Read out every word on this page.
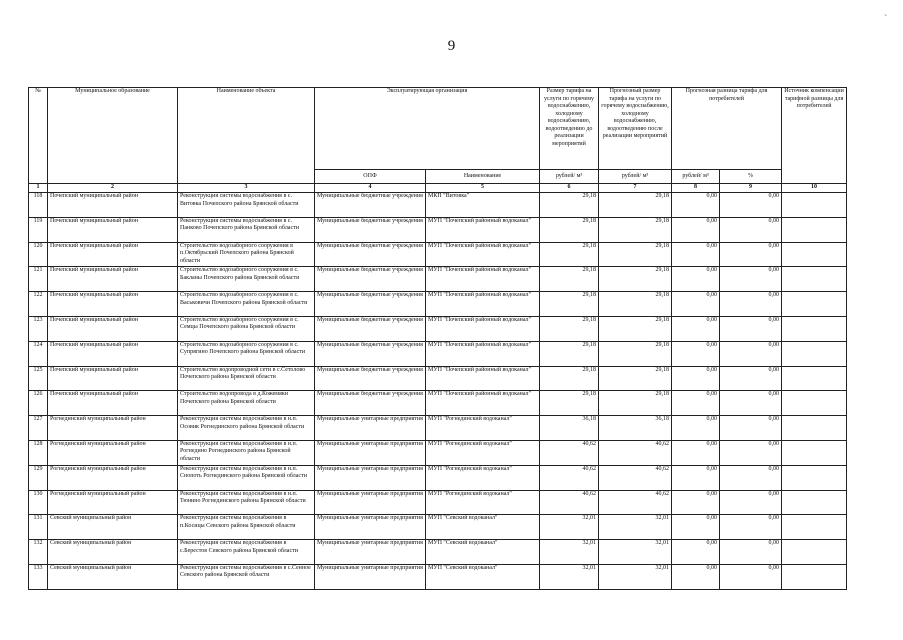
9
`
№	Муниципальное образование	Наименование объекта	Эксплуатирующая организация		Размер тарифа на услуги по горячему водоснабжению, холодному водоснабжению, водоотведению до реализации мероприятий	Прогнозный размер тарифа на услуги по горячему водоснабжению, холодному водоснабжению, водоотведению после реализации мероприятий	Прогнозная разница тарифа для потребителей		Источник компенсации тарифной разницы для потребителей
			ОПФ	Наименование	рублей/ м³	рублей/ м³	рублей/ м³	%	
1	2	3	4	5	6	7	8	9	10
118	Почепский муниципальный район	Реконструкция системы водоснабжения в с. Витовка Почепского района Брянской области	Муниципальные бюджетные учреждения	МКП "Витовка"	29,18	29,18	0,00	0,00	
119	Почепский муниципальный район	Реконструкция системы водоснабжения в с. Панково Почепского района Брянской области	Муниципальные бюджетные учреждения	МУП "Почепский районный водоканал"	29,18	29,18	0,00	0,00	
120	Почепский муниципальный район	Строительство водозаборного сооружения в п.Октябрьский Почепского района Брянской области	Муниципальные бюджетные учреждения	МУП "Почепский районный водоканал"	29,18	29,18	0,00	0,00	
121	Почепский муниципальный район	Строительство водозаборного сооружения в с. Бакланы Почепского района Брянской области	Муниципальные бюджетные учреждения	МУП "Почепский районный водоканал"	29,18	29,18	0,00	0,00	
122	Почепский муниципальный район	Строительство водозаборного сооружения в с. Васьковичи Почепского района Брянской области	Муниципальные бюджетные учреждения	МУП "Почепский районный водоканал"	29,18	29,18	0,00	0,00	
123	Почепский муниципальный район	Строительство водозаборного сооружения в с. Семцы Почепского района Брянской области	Муниципальные бюджетные учреждения	МУП "Почепский районный водоканал"	29,18	29,18	0,00	0,00	
124	Почепский муниципальный район	Строительство водозаборного сооружения в с. Супрягино Почепского района Брянской области	Муниципальные бюджетные учреждения	МУП "Почепский районный водоканал"	29,18	29,18	0,00	0,00	
125	Почепский муниципальный район	Строительство водопроводной сети в с.Сетолово Почепского района Брянской области	Муниципальные бюджетные учреждения	МУП "Почепский районный водоканал"	29,18	29,18	0,00	0,00	
126	Почепский муниципальный район	Строительство водопровода в д.Кожемяки Почепского района Брянской области	Муниципальные бюджетные учреждения	МУП "Почепский районный водоканал"	29,18	29,18	0,00	0,00	
127	Рогнединский муниципальный район	Реконструкция системы водоснабжения в н.п. Осовик Рогнединского района Брянской области	Муниципальные унитарные предприятия	МУП "Рогнединский водоканал"	36,18	36,18	0,00	0,00	
128	Рогнединский муниципальный район	Реконструкция системы водоснабжения в н.п. Рогнедино Рогнединского района Брянской области	Муниципальные унитарные предприятия	МУП "Рогнединский водоканал"	40,62	40,62	0,00	0,00	
129	Рогнединский муниципальный район	Реконструкция системы водоснабжения в н.п. Снопоть Рогнединского района Брянской области	Муниципальные унитарные предприятия	МУП "Рогнединский водоканал"	40,62	40,62	0,00	0,00	
130	Рогнединский муниципальный район	Реконструкция системы водоснабжения в н.п. Тюнино Рогнединского района Брянской области	Муниципальные унитарные предприятия	МУП "Рогнединский водоканал"	40,62	40,62	0,00	0,00	
131	Севский муниципальный район	Реконструкция системы водоснабжения в п.Косицы Севского района Брянской области	Муниципальные унитарные предприятия	МУП "Севский водоканал"	32,01	32,01	0,00	0,00	
132	Севский муниципальный район	Реконструкция системы водоснабжения в с.Берестов Севского района Брянской области	Муниципальные унитарные предприятия	МУП "Севский водоканал"	32,01	32,01	0,00	0,00	
133	Севский муниципальный район	Реконструкция системы водоснабжения в с.Сенное Севского района Брянской области	Муниципальные унитарные предприятия	МУП "Севский водоканал"	32,01	32,01	0,00	0,00	
